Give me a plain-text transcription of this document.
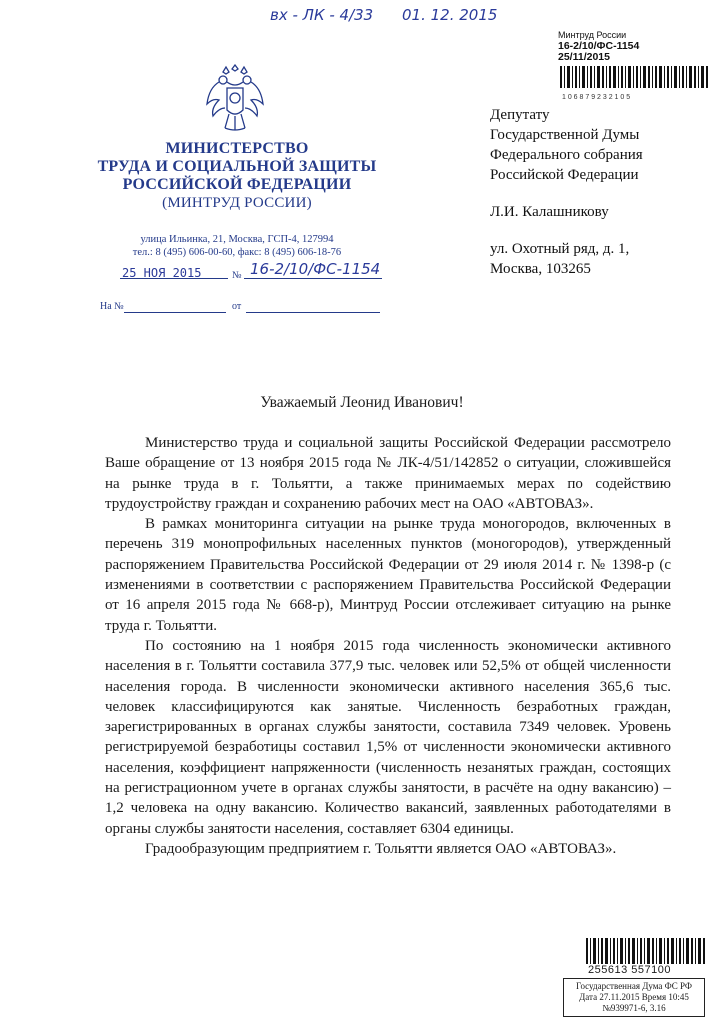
вх - ЛК - 4/33 01. 12. 2015
Минтруд России
16-2/10/ФС-1154
25/11/2015
1 0 6 8 7 9 2 3 2 1 0 5
МИНИСТЕРСТВО
ТРУДА И СОЦИАЛЬНОЙ ЗАЩИТЫ
РОССИЙСКОЙ ФЕДЕРАЦИИ
(МИНТРУД РОССИИ)
улица Ильинка, 21, Москва, ГСП-4, 127994
тел.: 8 (495) 606-00-60, факс: 8 (495) 606-18-76
25 НОЯ 2015	№ 16-2/10/ФС-1154
На №	от
Депутату
Государственной Думы
Федерального собрания
Российской Федерации
Л.И. Калашникову
ул. Охотный ряд, д. 1,
Москва, 103265
Уважаемый Леонид Иванович!

Министерство труда и социальной защиты Российской Федерации рассмотрело Ваше обращение от 13 ноября 2015 года № ЛК-4/51/142852 о ситуации, сложившейся на рынке труда в г. Тольятти, а также принимаемых мерах по содействию трудоустройству граждан и сохранению рабочих мест на ОАО «АВТОВАЗ».

В рамках мониторинга ситуации на рынке труда моногородов, включенных в перечень 319 монопрофильных населенных пунктов (моногородов), утвержденный распоряжением Правительства Российской Федерации от 29 июля 2014 г. № 1398-р (с изменениями в соответствии с распоряжением Правительства Российской Федерации от 16 апреля 2015 года № 668-р), Минтруд России отслеживает ситуацию на рынке труда г. Тольятти.

По состоянию на 1 ноября 2015 года численность экономически активного населения в г. Тольятти составила 377,9 тыс. человек или 52,5% от общей численности населения города. В численности экономически активного населения 365,6 тыс. человек классифицируются как занятые. Численность безработных граждан, зарегистрированных в органах службы занятости, составила 7349 человек. Уровень регистрируемой безработицы составил 1,5% от численности экономически активного населения, коэффициент напряженности (численность незанятых граждан, состоящих на регистрационном учете в органах службы занятости, в расчёте на одну вакансию) – 1,2 человека на одну вакансию. Количество вакансий, заявленных работодателями в органы службы занятости населения, составляет 6304 единицы.

Градообразующим предприятием г. Тольятти является ОАО «АВТОВАЗ».

255613 557100
Государственная Дума ФС РФ
Дата 27.11.2015 Время 10:45
№939971-6, 3.16
